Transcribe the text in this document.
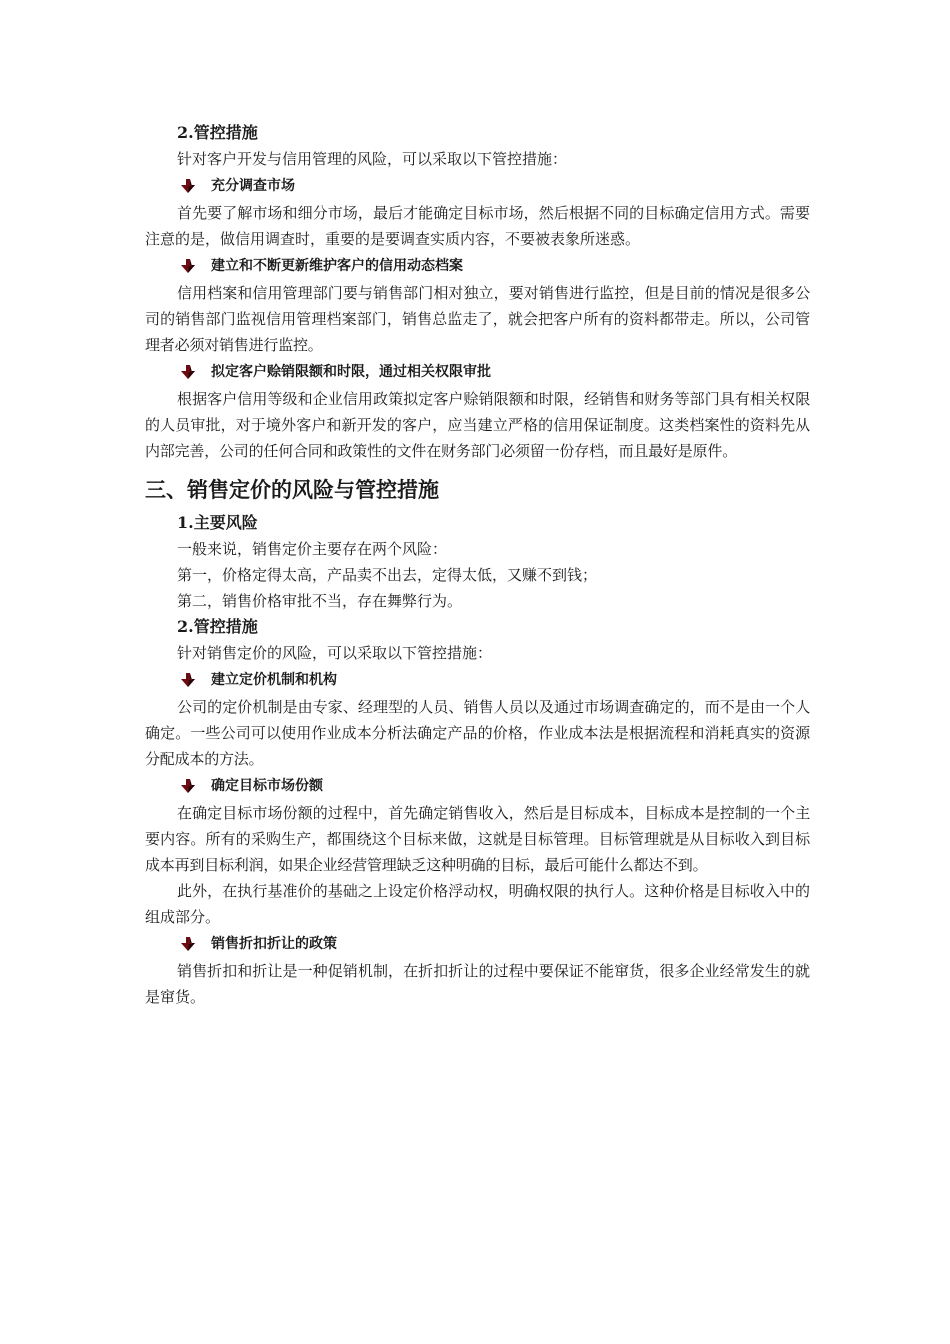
2.管控措施

针对客户开发与信用管理的风险，可以采取以下管控措施：

充分调查市场

首先要了解市场和细分市场，最后才能确定目标市场，然后根据不同的目标确定信用方式。需要注意的是，做信用调查时，重要的是要调查实质内容，不要被表象所迷惑。

建立和不断更新维护客户的信用动态档案

信用档案和信用管理部门要与销售部门相对独立，要对销售进行监控，但是目前的情况是很多公司的销售部门监视信用管理档案部门，销售总监走了，就会把客户所有的资料都带走。所以，公司管理者必须对销售进行监控。

拟定客户赊销限额和时限，通过相关权限审批

根据客户信用等级和企业信用政策拟定客户赊销限额和时限，经销售和财务等部门具有相关权限的人员审批，对于境外客户和新开发的客户，应当建立严格的信用保证制度。这类档案性的资料先从内部完善，公司的任何合同和政策性的文件在财务部门必须留一份存档，而且最好是原件。

三、销售定价的风险与管控措施
1.主要风险

一般来说，销售定价主要存在两个风险：

第一，价格定得太高，产品卖不出去，定得太低，又赚不到钱；

第二，销售价格审批不当，存在舞弊行为。

2.管控措施

针对销售定价的风险，可以采取以下管控措施：

建立定价机制和机构

公司的定价机制是由专家、经理型的人员、销售人员以及通过市场调查确定的，而不是由一个人确定。一些公司可以使用作业成本分析法确定产品的价格，作业成本法是根据流程和消耗真实的资源分配成本的方法。

确定目标市场份额

在确定目标市场份额的过程中，首先确定销售收入，然后是目标成本，目标成本是控制的一个主要内容。所有的采购生产，都围绕这个目标来做，这就是目标管理。目标管理就是从目标收入到目标成本再到目标利润，如果企业经营管理缺乏这种明确的目标，最后可能什么都达不到。

此外，在执行基准价的基础之上设定价格浮动权，明确权限的执行人。这种价格是目标收入中的组成部分。

销售折扣折让的政策

销售折扣和折让是一种促销机制，在折扣折让的过程中要保证不能窜货，很多企业经常发生的就是窜货。
